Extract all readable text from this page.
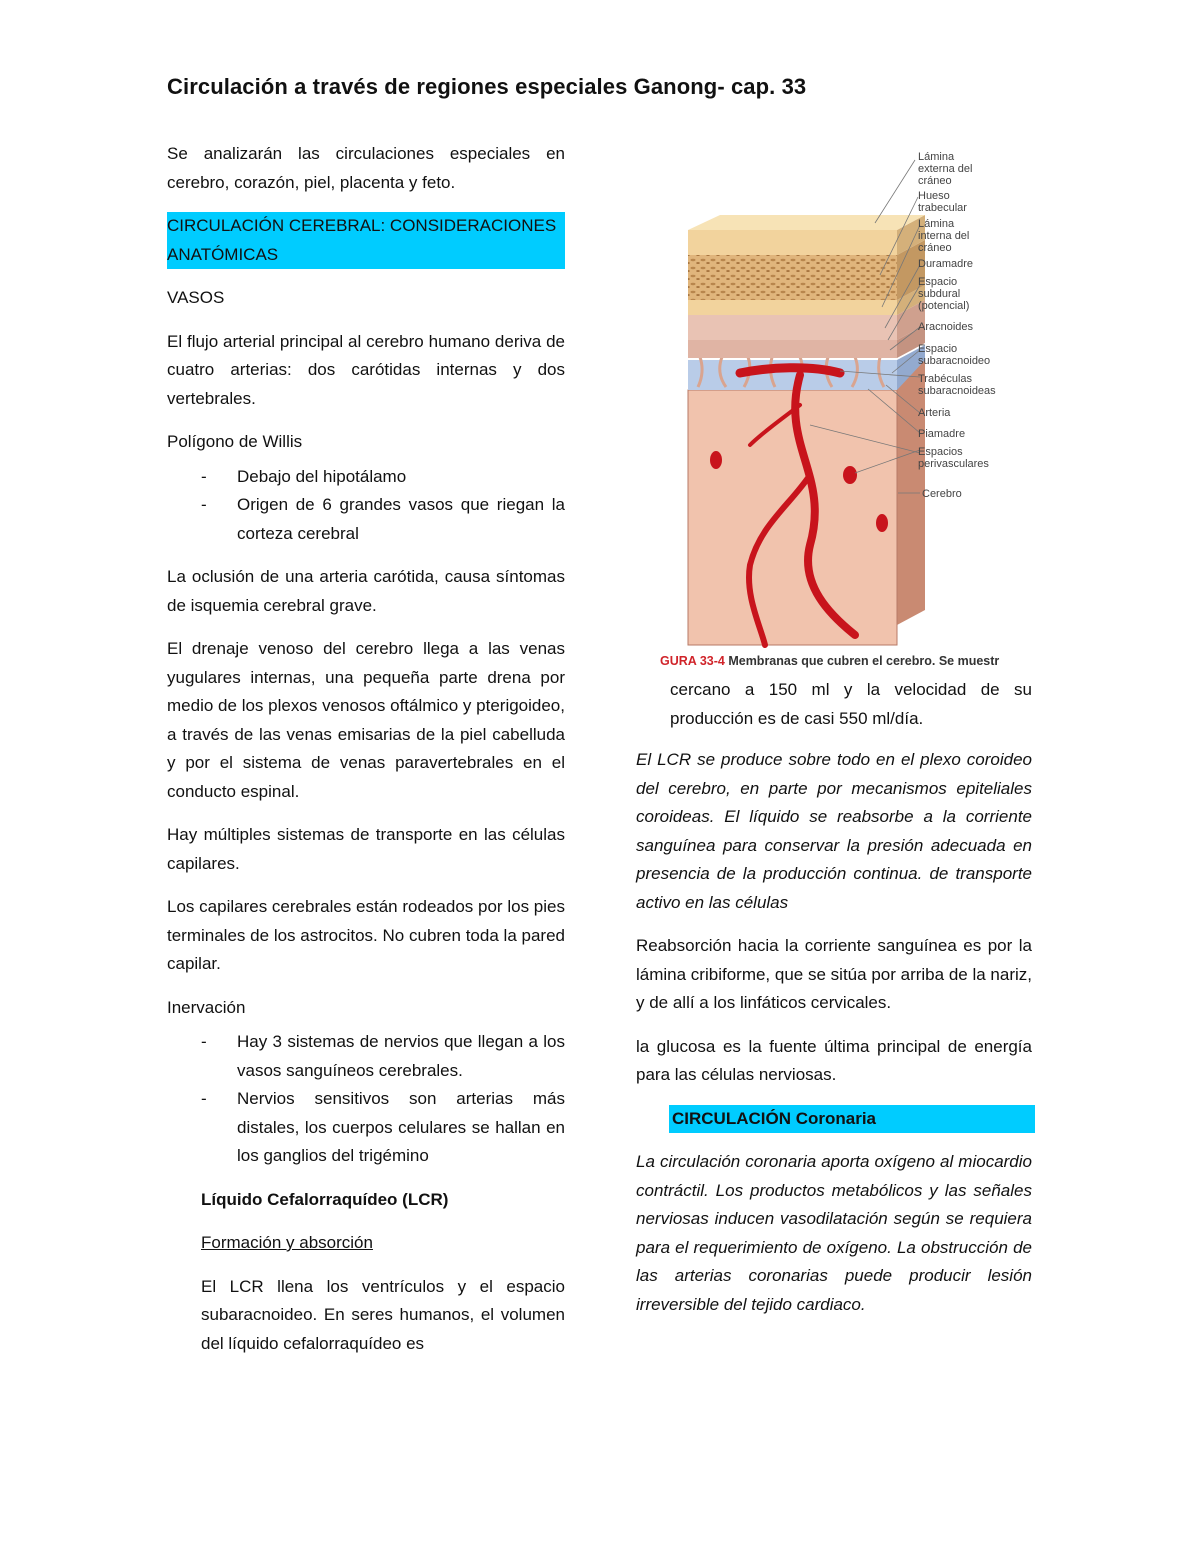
Circulación a través de regiones especiales Ganong- cap. 33

Se analizarán las circulaciones especiales en cerebro, corazón, piel, placenta y feto.

CIRCULACIÓN CEREBRAL: CONSIDERACIONES ANATÓMICAS

VASOS

El flujo arterial principal al cerebro humano deriva de cuatro arterias: dos carótidas internas y dos vertebrales.

Polígono de Willis

- Debajo del hipotálamo
- Origen de 6 grandes vasos que riegan la corteza cerebral

La oclusión de una arteria carótida, causa síntomas de isquemia cerebral grave.

El drenaje venoso del cerebro llega a las venas yugulares internas, una pequeña parte drena por medio de los plexos venosos oftálmico y pterigoideo, a través de las venas emisarias de la piel cabelluda y por el sistema de venas paravertebrales en el conducto espinal.

Hay múltiples sistemas de transporte en las células capilares.

Los capilares cerebrales están rodeados por los pies terminales de los astrocitos. No cubren toda la pared capilar.

Inervación

- Hay 3 sistemas de nervios que llegan a los vasos sanguíneos cerebrales.
- Nervios sensitivos son arterias más distales, los cuerpos celulares se hallan en los ganglios del trigémino

Líquido Cefalorraquídeo (LCR)

Formación y absorción

El LCR llena los ventrículos y el espacio subaracnoideo. En seres humanos, el volumen del líquido cefalorraquídeo es

Lámina
externa del
cráneo
Hueso
trabecular
Lámina
interna del
cráneo
Duramadre
Espacio
subdural
(potencial)
Aracnoides
Espacio
subaracnoideo
Trabéculas
subaracnoideas
Arteria
Piamadre
Espacios
perivasculares
Cerebro
GURA 33-4 Membranas que cubren el cerebro. Se muestr

cercano a 150 ml y la velocidad de su producción es de casi 550 ml/día.

El LCR se produce sobre todo en el plexo coroideo del cerebro, en parte por mecanismos epiteliales coroideas. El líquido se reabsorbe a la corriente sanguínea para conservar la presión adecuada en presencia de la producción continua. de transporte activo en las células

Reabsorción hacia la corriente sanguínea es por la lámina cribiforme, que se sitúa por arriba de la nariz, y de allí a los linfáticos cervicales.

la glucosa es la fuente última principal de energía para las células nerviosas.

CIRCULACIÓN Coronaria

La circulación coronaria aporta oxígeno al miocardio contráctil. Los productos metabólicos y las señales nerviosas inducen vasodilatación según se requiera para el requerimiento de oxígeno. La obstrucción de las arterias coronarias puede producir lesión irreversible del tejido cardiaco.
